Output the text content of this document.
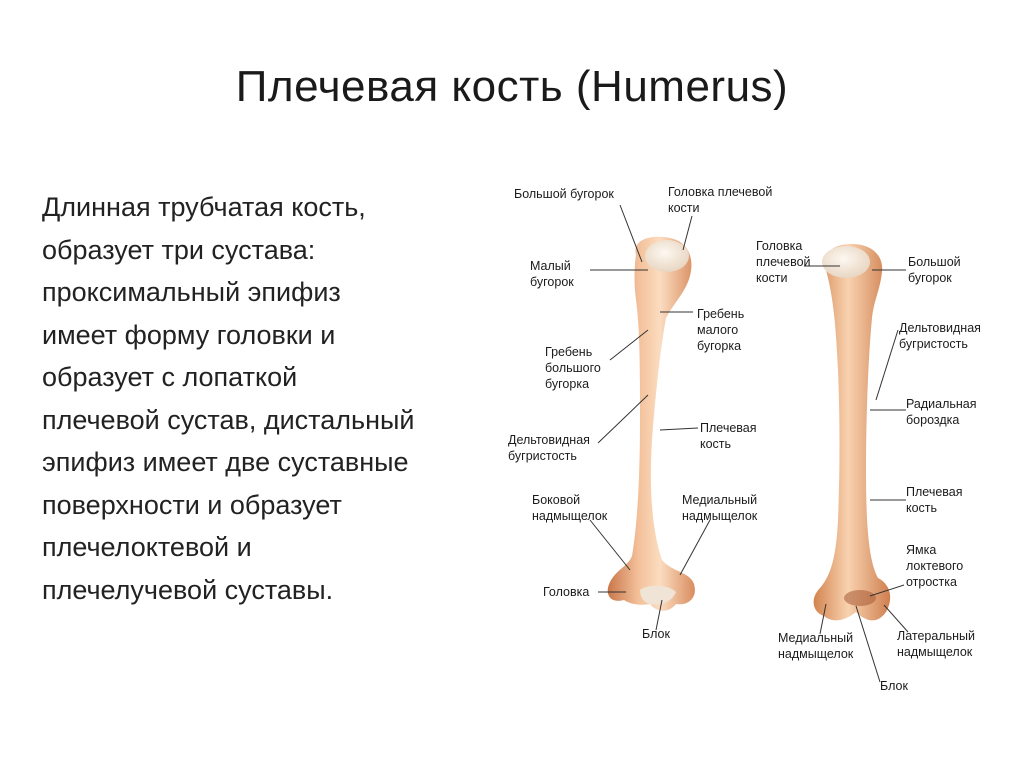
Плечевая кость (Humerus)
Длинная трубчатая кость,
образует три сустава:
проксимальный эпифиз
имеет форму головки и
образует с лопаткой
плечевой сустав, дистальный
эпифиз имеет две суставные
поверхности и образует
плечелоктевой и
плечелучевой суставы.
Большой бугорок	Головка плечевой
кости
Малый
бугорок
Гребень
малого
бугорка
Гребень
большого
бугорка
Дельтовидная
бугристость
Плечевая
кость
Боковой
надмыщелок
Медиальный
надмыщелок
Головка
Блок
Головка
плечевой
кости
Большой
бугорок
Дельтовидная
бугристость
Радиальная
бороздка
Плечевая
кость
Ямка
локтевого
отростка
Медиальный
надмыщелок
Латеральный
надмыщелок
Блок
